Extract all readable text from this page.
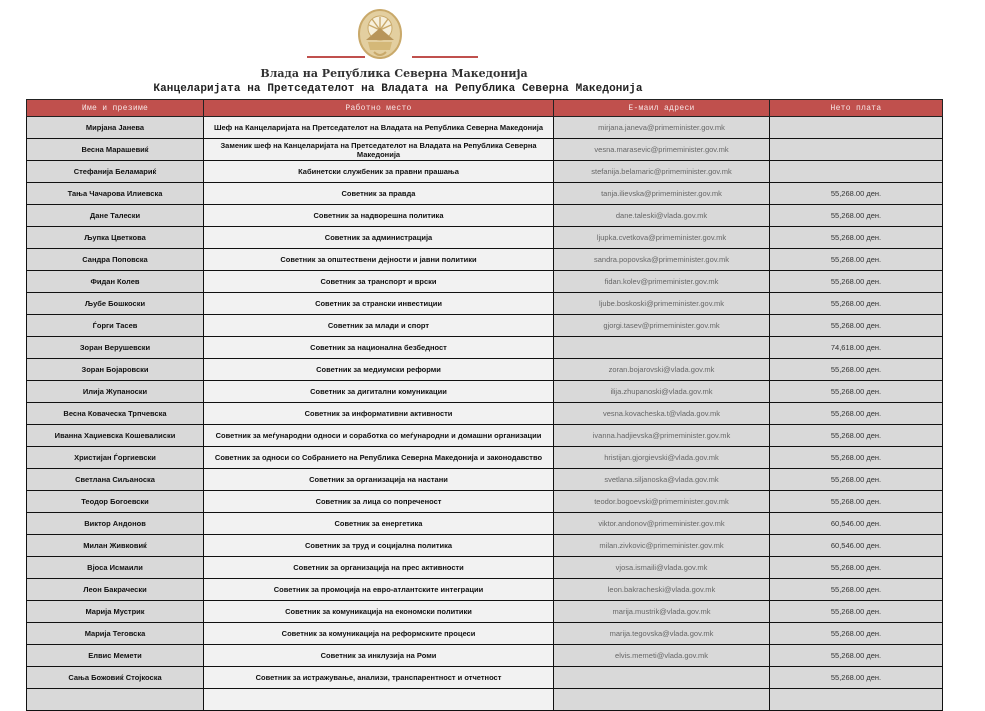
Влада на Република Северна Македонија
Канцеларијата на Претседателот на Владата на Република Северна Македонија
Име и презиме	Работно место	Е-маил адреси	Нето плата
Мирјана Јанева	Шеф на Канцеларијата на Претседателот на Владата на Република Северна Македонија	mirjana.janeva@primeminister.gov.mk	
Весна Марашевиќ	Заменик шеф на Канцеларијата на Претседателот на Владата на Република Северна Македонија	vesna.marasevic@primeminister.gov.mk	
Стефанија Беламариќ	Кабинетски службеник за правни прашања	stefanija.belamaric@primeminister.gov.mk	
Тања Чачарова Илиевска	Советник за правда	tanja.ilievska@primeminister.gov.mk	55,268.00 ден.
Дане Талески	Советник за надворешна политика	dane.taleski@vlada.gov.mk	55,268.00 ден.
Љупка Цветкова	Советник за администрација	ljupka.cvetkova@primeminister.gov.mk	55,268.00 ден.
Сандра Поповска	Советник за општествени дејности и јавни политики	sandra.popovska@primeminister.gov.mk	55,268.00 ден.
Фидан Колев	Советник за транспорт и врски	fidan.kolev@primeminister.gov.mk	55,268.00 ден.
Љубе Бошкоски	Советник за странски инвестиции	ljube.boskoski@primeminister.gov.mk	55,268.00 ден.
Ѓорги Тасев	Советник за млади и спорт	gjorgi.tasev@primeminister.gov.mk	55,268.00 ден.
Зоран Верушевски	Советник за национална безбедност		74,618.00 ден.
Зоран Бојаровски	Советник за медиумски реформи	zoran.bojarovski@vlada.gov.mk	55,268.00 ден.
Илија Жупаноски	Советник за дигитални комуникации	ilija.zhupanoski@vlada.gov.mk	55,268.00 ден.
Весна Коваческа Трпчевска	Советник за информативни активности	vesna.kovacheska.t@vlada.gov.mk	55,268.00 ден.
Иванна Хаџиевска Кошевалиски	Советник за меѓународни односи и соработка со меѓународни и домашни организации	ivanna.hadjievska@primeminister.gov.mk	55,268.00 ден.
Христијан Ѓоргиевски	Советник за односи со Собранието на Република Северна Македонија и законодавство	hristijan.gjorgievski@vlada.gov.mk	55,268.00 ден.
Светлана Сиљаноска	Советник за организација на настани	svetlana.siljanoska@vlada.gov.mk	55,268.00 ден.
Теодор Богоевски	Советник за лица со попреченост	teodor.bogoevski@primeminister.gov.mk	55,268.00 ден.
Виктор Андонов	Советник за енергетика	viktor.andonov@primeminister.gov.mk	60,546.00 ден.
Милан Живковиќ	Советник за труд и социјална политика	milan.zivkovic@primeminister.gov.mk	60,546.00 ден.
Вјоса Исмаили	Советник за организација на прес активности	vjosa.ismaili@vlada.gov.mk	55,268.00 ден.
Леон Бакрачески	Советник за промоција на евро-атлантските интеграции	leon.bakracheski@vlada.gov.mk	55,268.00 ден.
Марија Мустрик	Советник за комуникација на економски политики	marija.mustrik@vlada.gov.mk	55,268.00 ден.
Марија Теговска	Советник за комуникација на реформските процеси	marija.tegovska@vlada.gov.mk	55,268.00 ден.
Елвис Мемети	Советник за инклузија на Роми	elvis.memeti@vlada.gov.mk	55,268.00 ден.
Сања Божовиќ Стојкоска	Советник за истражување, анализи, транспарентност и отчетност		55,268.00 ден.
